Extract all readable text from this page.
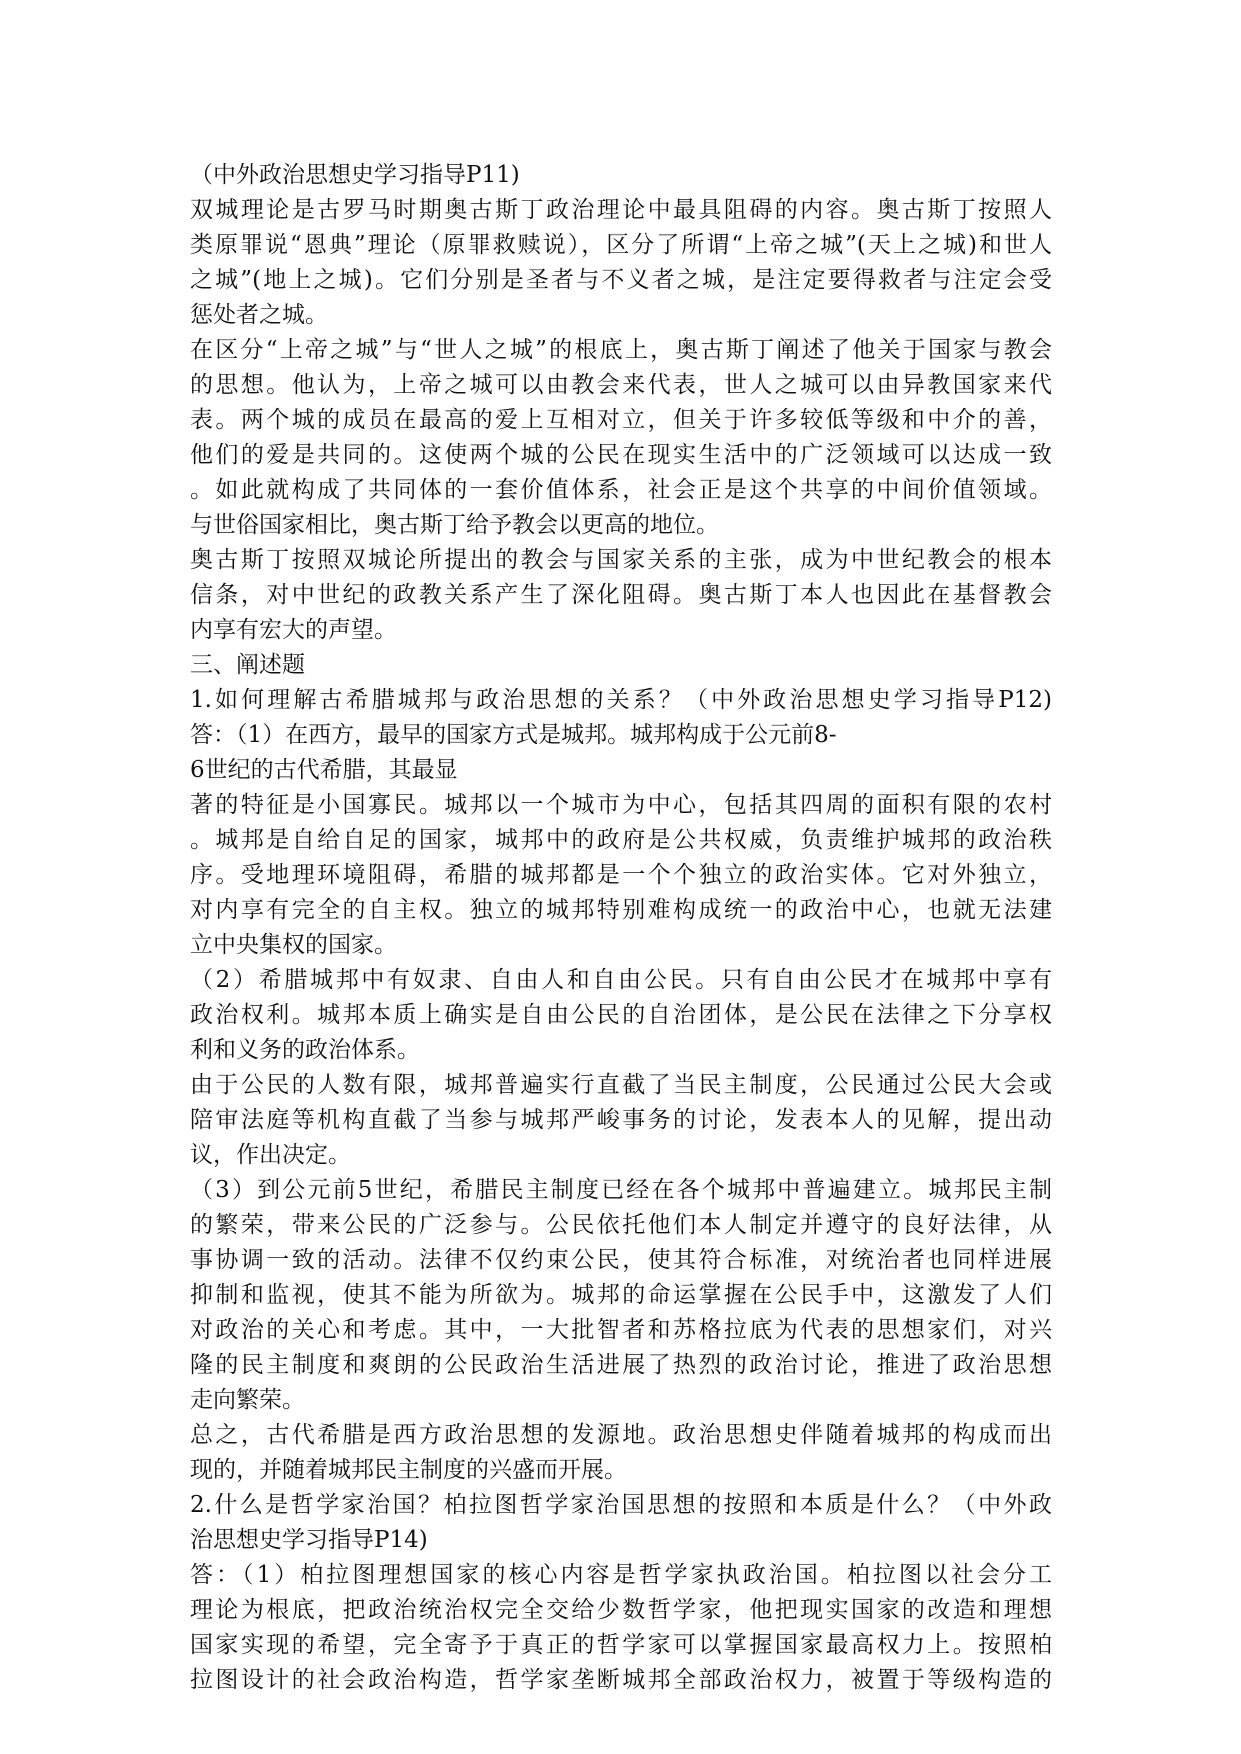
（中外政治思想史学习指导P11)
双城理论是古罗马时期奥古斯丁政治理论中最具阻碍的内容。奥古斯丁按照人
类原罪说“恩典”理论（原罪救赎说），区分了所谓“上帝之城”(天上之城)和世人
之城”(地上之城)。它们分别是圣者与不义者之城，是注定要得救者与注定会受
惩处者之城。
在区分“上帝之城”与“世人之城”的根底上，奥古斯丁阐述了他关于国家与教会
的思想。他认为，上帝之城可以由教会来代表，世人之城可以由异教国家来代
表。两个城的成员在最高的爱上互相对立，但关于许多较低等级和中介的善，
他们的爱是共同的。这使两个城的公民在现实生活中的广泛领域可以达成一致
。如此就构成了共同体的一套价值体系，社会正是这个共享的中间价值领域。
与世俗国家相比，奥古斯丁给予教会以更高的地位。
奥古斯丁按照双城论所提出的教会与国家关系的主张，成为中世纪教会的根本
信条，对中世纪的政教关系产生了深化阻碍。奥古斯丁本人也因此在基督教会
内享有宏大的声望。
三、阐述题
1.如何理解古希腊城邦与政治思想的关系？（中外政治思想史学习指导P12)
答：（1）在西方，最早的国家方式是城邦。城邦构成于公元前8-
6世纪的古代希腊，其最显
著的特征是小国寡民。城邦以一个城市为中心，包括其四周的面积有限的农村
。城邦是自给自足的国家，城邦中的政府是公共权威，负责维护城邦的政治秩
序。受地理环境阻碍，希腊的城邦都是一个个独立的政治实体。它对外独立，
对内享有完全的自主权。独立的城邦特别难构成统一的政治中心，也就无法建
立中央集权的国家。
（2）希腊城邦中有奴隶、自由人和自由公民。只有自由公民才在城邦中享有
政治权利。城邦本质上确实是自由公民的自治团体，是公民在法律之下分享权
利和义务的政治体系。
由于公民的人数有限，城邦普遍实行直截了当民主制度，公民通过公民大会或
陪审法庭等机构直截了当参与城邦严峻事务的讨论，发表本人的见解，提出动
议，作出决定。
（3）到公元前5世纪，希腊民主制度已经在各个城邦中普遍建立。城邦民主制
的繁荣，带来公民的广泛参与。公民依托他们本人制定并遵守的良好法律，从
事协调一致的活动。法律不仅约束公民，使其符合标准，对统治者也同样进展
抑制和监视，使其不能为所欲为。城邦的命运掌握在公民手中，这激发了人们
对政治的关心和考虑。其中，一大批智者和苏格拉底为代表的思想家们，对兴
隆的民主制度和爽朗的公民政治生活进展了热烈的政治讨论，推进了政治思想
走向繁荣。
总之，古代希腊是西方政治思想的发源地。政治思想史伴随着城邦的构成而出
现的，并随着城邦民主制度的兴盛而开展。
2.什么是哲学家治国？柏拉图哲学家治国思想的按照和本质是什么？（中外政
治思想史学习指导P14)
答：（1）柏拉图理想国家的核心内容是哲学家执政治国。柏拉图以社会分工
理论为根底，把政治统治权完全交给少数哲学家，他把现实国家的改造和理想
国家实现的希望，完全寄予于真正的哲学家可以掌握国家最高权力上。按照柏
拉图设计的社会政治构造，哲学家垄断城邦全部政治权力，被置于等级构造的
